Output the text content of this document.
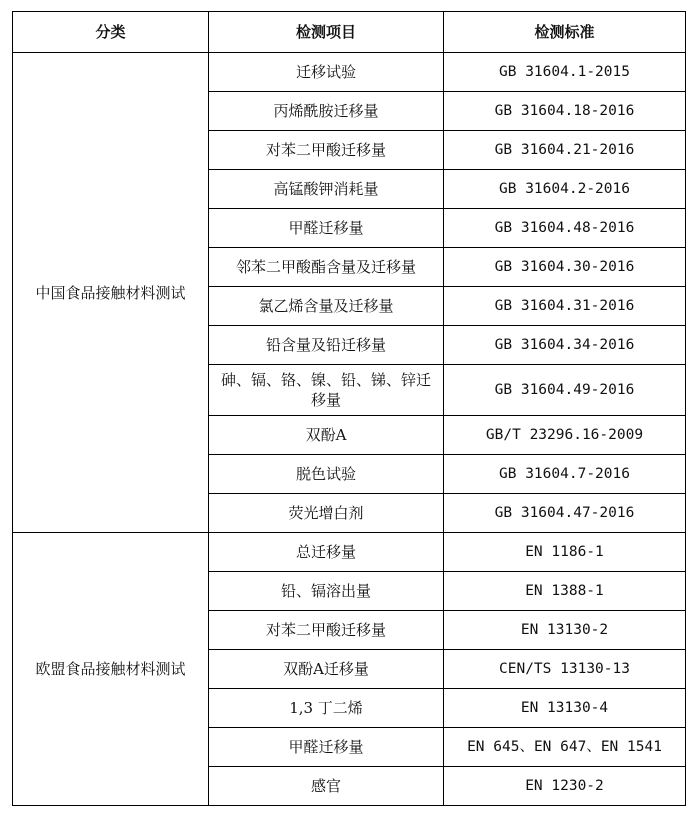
分类	检测项目	检测标准
中国食品接触材料测试	迁移试验	GB 31604.1-2015
	丙烯酰胺迁移量	GB 31604.18-2016
	对苯二甲酸迁移量	GB 31604.21-2016
	高锰酸钾消耗量	GB 31604.2-2016
	甲醛迁移量	GB 31604.48-2016
	邻苯二甲酸酯含量及迁移量	GB 31604.30-2016
	氯乙烯含量及迁移量	GB 31604.31-2016
	铅含量及铅迁移量	GB 31604.34-2016
	砷、镉、铬、镍、铅、锑、锌迁移量	GB 31604.49-2016
	双酚A	GB/T 23296.16-2009
	脱色试验	GB 31604.7-2016
	荧光增白剂	GB 31604.47-2016
欧盟食品接触材料测试	总迁移量	EN 1186-1
	铅、镉溶出量	EN 1388-1
	对苯二甲酸迁移量	EN 13130-2
	双酚A迁移量	CEN/TS 13130-13
	1,3 丁二烯	EN 13130-4
	甲醛迁移量	EN 645、EN 647、EN 1541
	感官	EN 1230-2
